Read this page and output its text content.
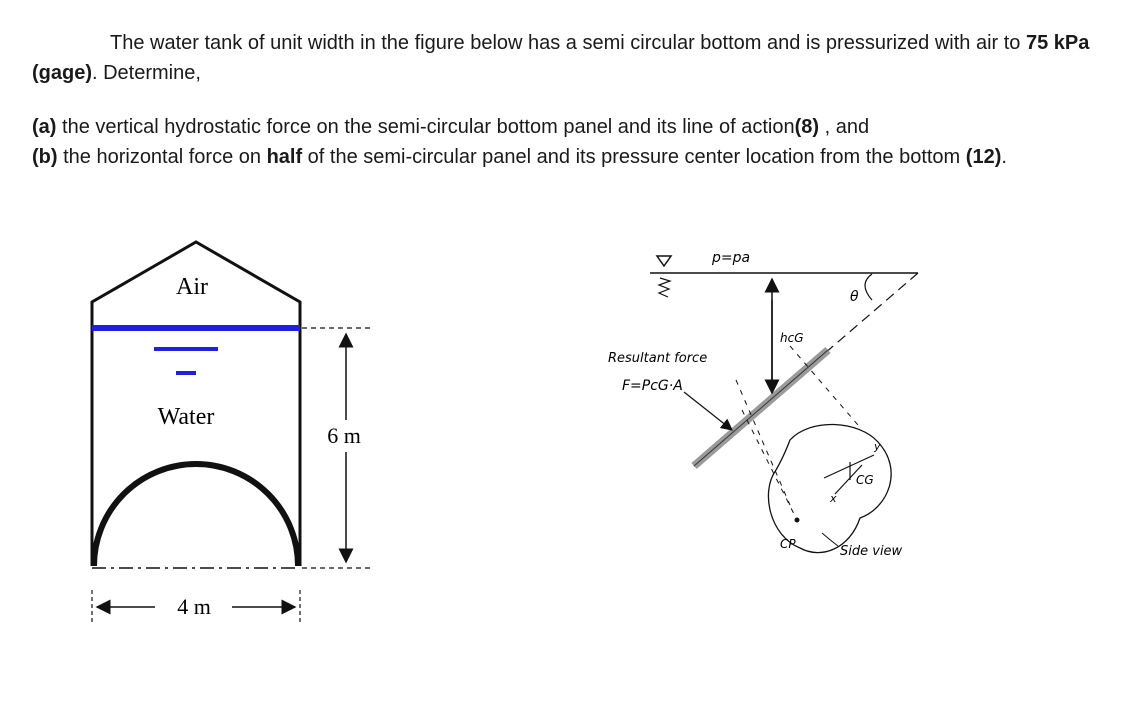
The water tank of unit width in the figure below has a semi circular bottom and is pressurized with air to 75 kPa (gage). Determine,

(a) the vertical hydrostatic force on the semi-circular bottom panel and its line of action(8) , and
(b) the horizontal force on half of the semi-circular panel and its pressure center location from the bottom (12).

Air
Water
6 m
4 m
p=pa
hcG
θ
Resultant force
F=PcG·A
CG
x
y
CP	Side view
